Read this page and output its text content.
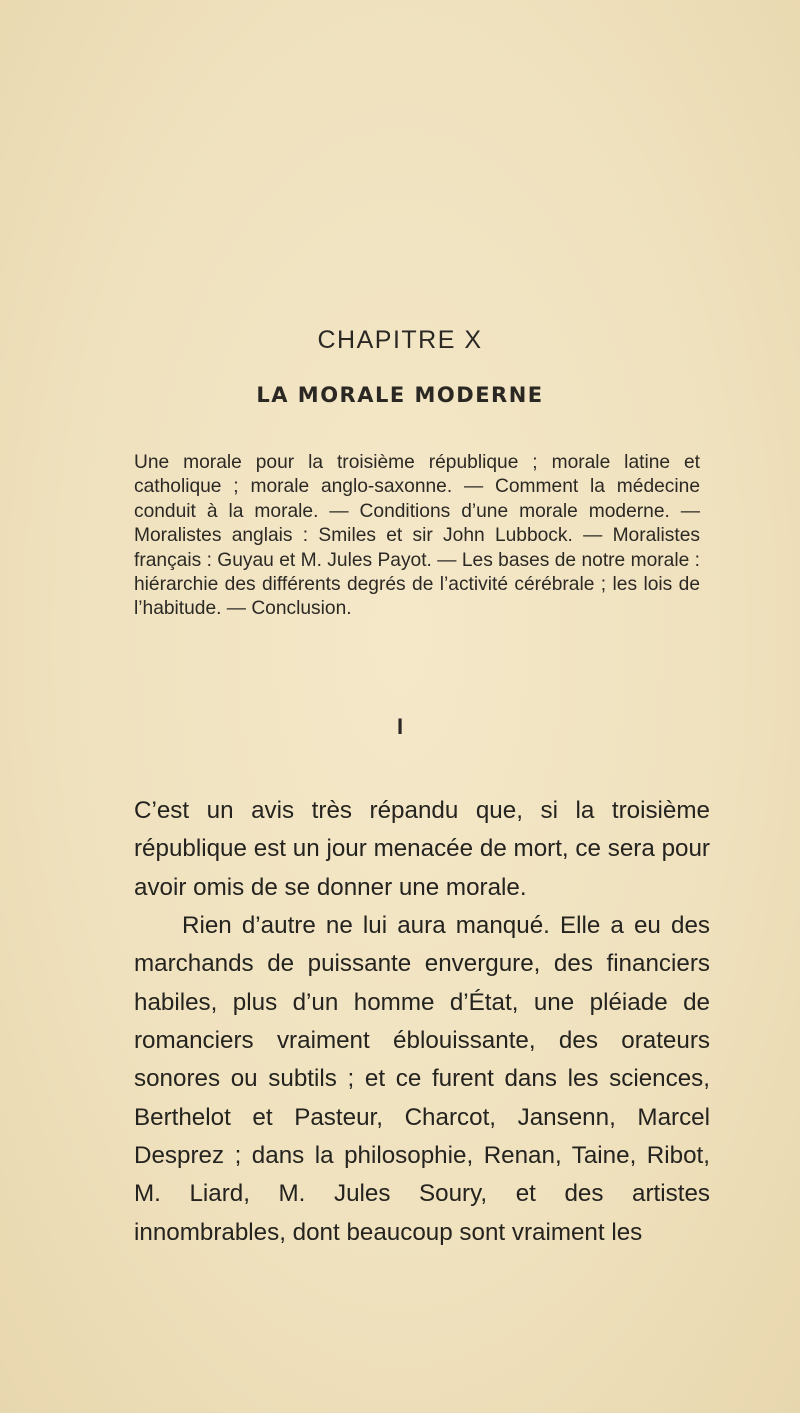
CHAPITRE X
LA MORALE MODERNE

Une morale pour la troisième république ; morale latine et catholique ; morale anglo-saxonne. — Comment la médecine conduit à la morale. — Conditions d’une morale moderne. — Moralistes anglais : Smiles et sir John Lubbock. — Moralistes français : Guyau et M. Jules Payot. — Les bases de notre morale : hiérarchie des différents degrés de l’activité cérébrale ; les lois de l’habitude. — Conclusion.

I

C’est un avis très répandu que, si la troisième république est un jour menacée de mort, ce sera pour avoir omis de se donner une morale.

Rien d’autre ne lui aura manqué. Elle a eu des marchands de puissante envergure, des financiers habiles, plus d’un homme d’État, une pléiade de romanciers vraiment éblouissante, des orateurs sonores ou subtils ; et ce furent dans les sciences, Berthelot et Pasteur, Charcot, Jansenn, Marcel Desprez ; dans la philosophie, Renan, Taine, Ribot, M. Liard, M. Jules Soury, et des artistes innombrables, dont beaucoup sont vraiment les
